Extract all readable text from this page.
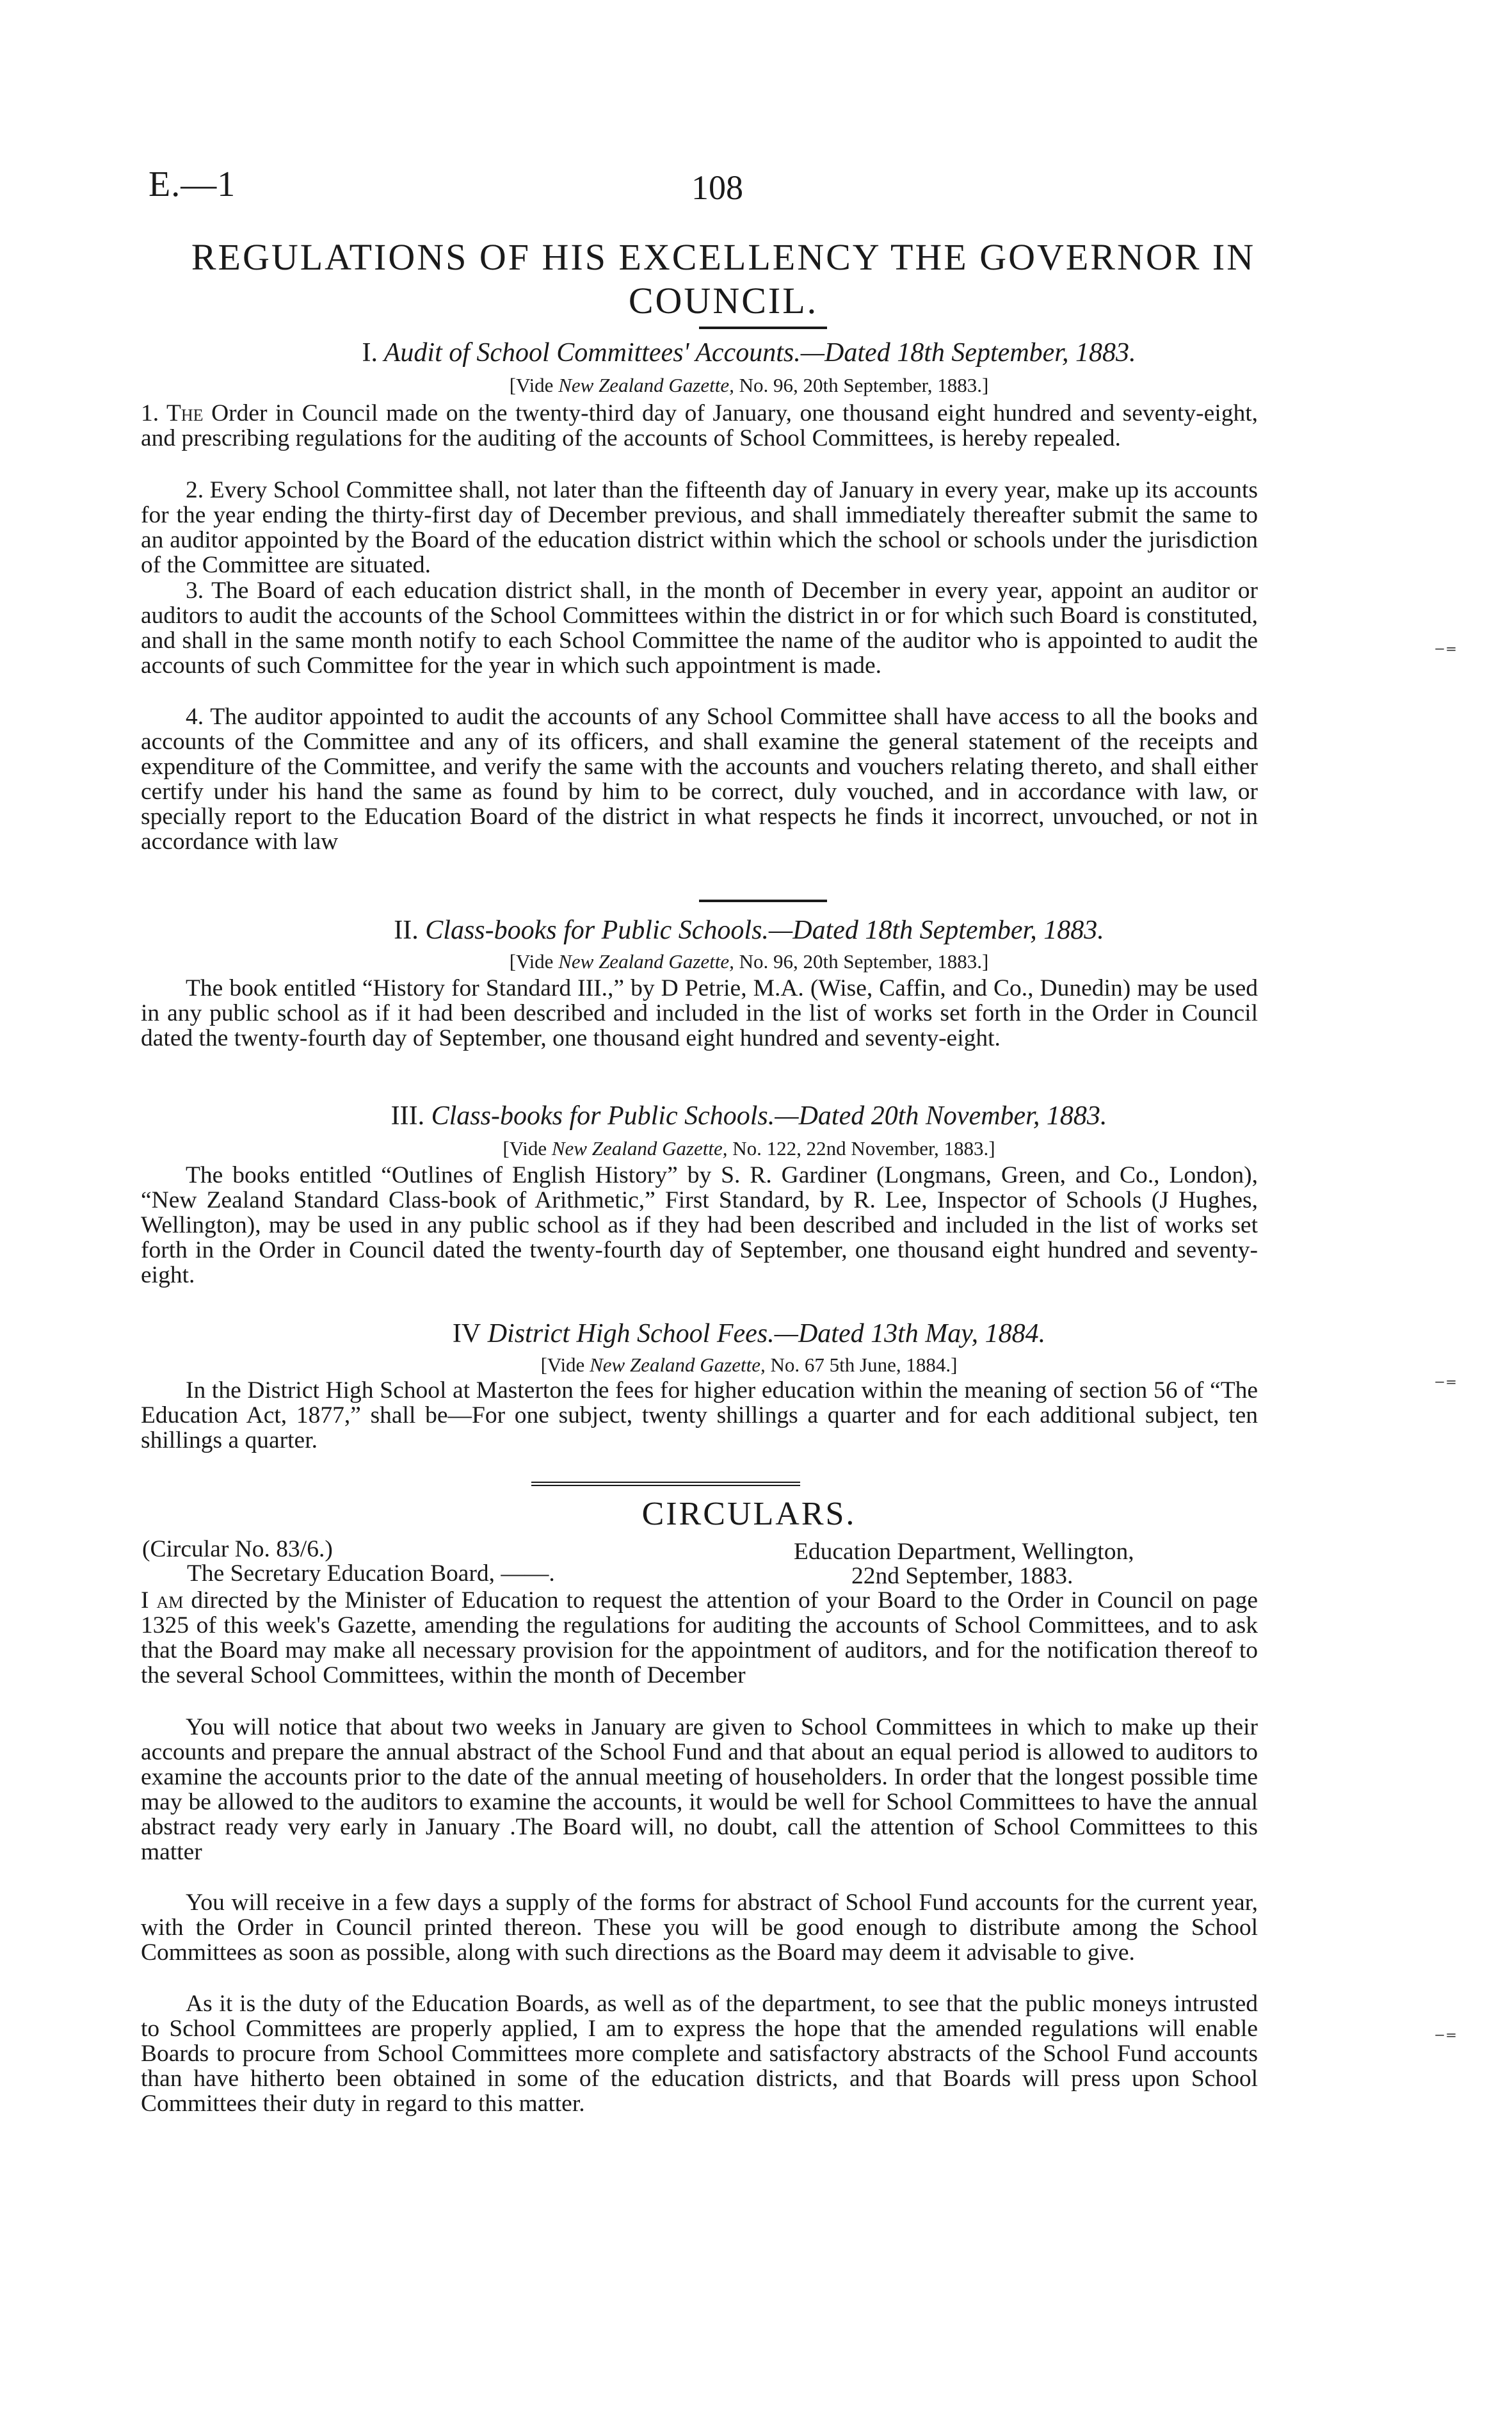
E.—1	108
REGULATIONS OF HIS EXCELLENCY THE GOVERNOR IN COUNCIL.
I. Audit of School Committees' Accounts.—Dated 18th September, 1883.
[Vide New Zealand Gazette, No. 96, 20th September, 1883.]

1. The Order in Council made on the twenty-third day of January, one thousand eight hundred and seventy-eight, and prescribing regulations for the auditing of the accounts of School Committees, is hereby repealed.

2. Every School Committee shall, not later than the fifteenth day of January in every year, make up its accounts for the year ending the thirty-first day of December previous, and shall immediately thereafter submit the same to an auditor appointed by the Board of the education district within which the school or schools under the jurisdiction of the Committee are situated.

3. The Board of each education district shall, in the month of December in every year, appoint an auditor or auditors to audit the accounts of the School Committees within the district in or for which such Board is constituted, and shall in the same month notify to each School Committee the name of the auditor who is appointed to audit the accounts of such Committee for the year in which such appointment is made.

4. The auditor appointed to audit the accounts of any School Committee shall have access to all the books and accounts of the Committee and any of its officers, and shall examine the general statement of the receipts and expenditure of the Committee, and verify the same with the accounts and vouchers relating thereto, and shall either certify under his hand the same as found by him to be correct, duly vouched, and in accordance with law, or specially report to the Education Board of the district in what respects he finds it incorrect, unvouched, or not in accordance with law

II. Class-books for Public Schools.—Dated 18th September, 1883.
[Vide New Zealand Gazette, No. 96, 20th September, 1883.]

The book entitled “History for Standard III.,” by D Petrie, M.A. (Wise, Caffin, and Co., Dunedin) may be used in any public school as if it had been described and included in the list of works set forth in the Order in Council dated the twenty-fourth day of September, one thousand eight hundred and seventy-eight.

III. Class-books for Public Schools.—Dated 20th November, 1883.
[Vide New Zealand Gazette, No. 122, 22nd November, 1883.]

The books entitled “Outlines of English History” by S. R. Gardiner (Longmans, Green, and Co., London), “New Zealand Standard Class-book of Arithmetic,” First Standard, by R. Lee, Inspector of Schools (J Hughes, Wellington), may be used in any public school as if they had been described and included in the list of works set forth in the Order in Council dated the twenty-fourth day of September, one thousand eight hundred and seventy-eight.

IV District High School Fees.—Dated 13th May, 1884.
[Vide New Zealand Gazette, No. 67 5th June, 1884.]

In the District High School at Masterton the fees for higher education within the meaning of section 56 of “The Education Act, 1877,” shall be—For one subject, twenty shillings a quarter and for each additional subject, ten shillings a quarter.

CIRCULARS.
(Circular No. 83/6.)	Education Department, Wellington,
The Secretary Education Board, ——.	22nd September, 1883.

I am directed by the Minister of Education to request the attention of your Board to the Order in Council on page 1325 of this week's Gazette, amending the regulations for auditing the accounts of School Committees, and to ask that the Board may make all necessary provision for the appointment of auditors, and for the notification thereof to the several School Committees, within the month of December

You will notice that about two weeks in January are given to School Committees in which to make up their accounts and prepare the annual abstract of the School Fund and that about an equal period is allowed to auditors to examine the accounts prior to the date of the annual meeting of householders. In order that the longest possible time may be allowed to the auditors to examine the accounts, it would be well for School Committees to have the annual abstract ready very early in January .The Board will, no doubt, call the attention of School Committees to this matter

You will receive in a few days a supply of the forms for abstract of School Fund accounts for the current year, with the Order in Council printed thereon. These you will be good enough to distribute among the School Committees as soon as possible, along with such directions as the Board may deem it advisable to give.

As it is the duty of the Education Boards, as well as of the department, to see that the public moneys intrusted to School Committees are properly applied, I am to express the hope that the amended regulations will enable Boards to procure from School Committees more complete and satisfactory abstracts of the School Fund accounts than have hitherto been obtained in some of the education districts, and that Boards will press upon School Committees their duty in regard to this matter.

⁻⁼
⁻⁼
⁻⁼
